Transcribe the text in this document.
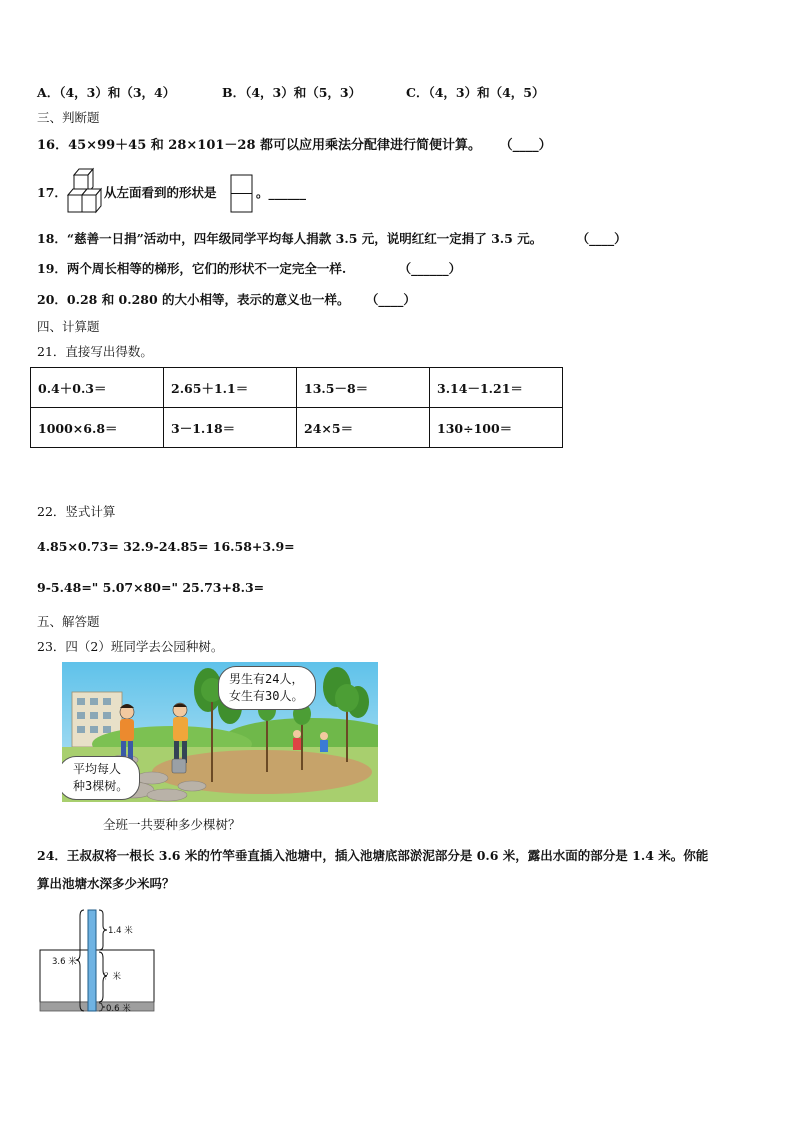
A．（4，3）和（3，4）	B．（4，3）和（5，3）	C．（4，3）和（4，5）
三、判断题
16．45×99＋45 和 28×101－28 都可以应用乘法分配律进行简便计算。 （____）
17．	从左面看到的形状是	。______
18．“慈善一日捐”活动中，四年级同学平均每人捐款 3.5 元，说明红红一定捐了 3.5 元。	（____）
19．两个周长相等的梯形，它们的形状不一定完全一样.	（______）
20．0.28 和 0.280 的大小相等，表示的意义也一样。 （____）
四、计算题
21．直接写出得数。
0.4＋0.3＝	2.65＋1.1＝	13.5－8＝	3.14－1.21＝
1000×6.8＝	3－1.18＝	24×5＝	130÷100＝
22．竖式计算
4.85×0.73= 32.9-24.85= 16.58+3.9=
9-5.48=" 5.07×80=" 25.73+8.3=
五、解答题
23．四（2）班同学去公园种树。
男生有24人，
女生有30人。
平均每人
种3棵树。
全班一共要种多少棵树？
24．王叔叔将一根长 3.6 米的竹竿垂直插入池塘中，插入池塘底部淤泥部分是 0.6 米，露出水面的部分是 1.4 米。你能
算出池塘水深多少米吗？
3.6 米
1.4 米
？米
0.6 米
